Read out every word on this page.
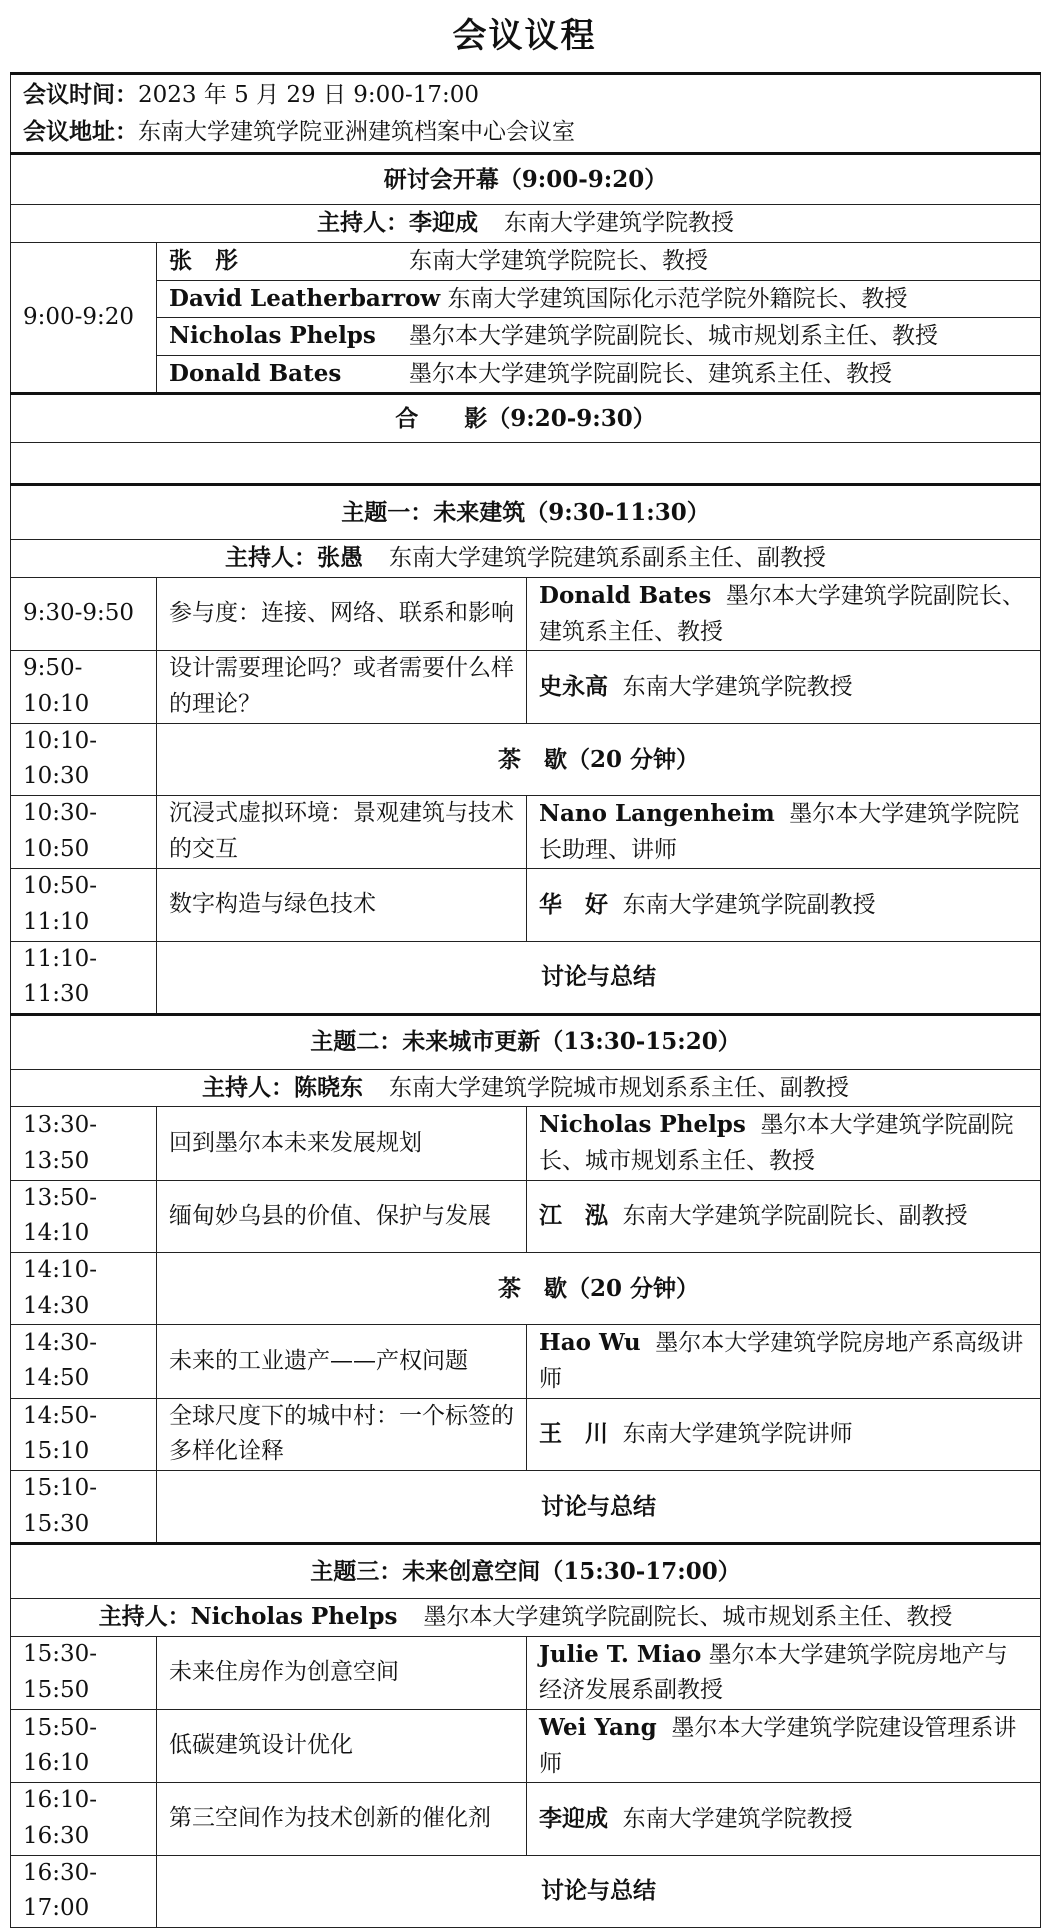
会议议程
会议时间：2023 年 5 月 29 日 9:00-17:00
会议地址：东南大学建筑学院亚洲建筑档案中心会议室		

研讨会开幕（9:00-9:20）		
主持人：李迎成 东南大学建筑学院教授		
9:00-9:20	张　彤 东南大学建筑学院院长、教授	
	David Leatherbarrow 东南大学建筑国际化示范学院外籍院长、教授	
	Nicholas Phelps 墨尔本大学建筑学院副院长、城市规划系主任、教授	
	Donald Bates 墨尔本大学建筑学院副院长、建筑系主任、教授	
合　　影（9:20-9:30）		

主题一：未来建筑（9:30-11:30）		
主持人：张愚 东南大学建筑学院建筑系副系主任、副教授		
9:30-9:50	参与度：连接、网络、联系和影响	Donald Bates 墨尔本大学建筑学院副院长、建筑系主任、教授
9:50-10:10	设计需要理论吗？或者需要什么样的理论？	史永高 东南大学建筑学院教授
10:10-10:30	茶　歇（20 分钟）	
10:30-10:50	沉浸式虚拟环境：景观建筑与技术的交互	Nano Langenheim 墨尔本大学建筑学院院长助理、讲师
10:50-11:10	数字构造与绿色技术	华　好 东南大学建筑学院副教授
11:10-11:30	讨论与总结	
主题二：未来城市更新（13:30-15:20）		
主持人：陈晓东 东南大学建筑学院城市规划系系主任、副教授		
13:30-13:50	回到墨尔本未来发展规划	Nicholas Phelps 墨尔本大学建筑学院副院长、城市规划系主任、教授
13:50-14:10	缅甸妙乌县的价值、保护与发展	江　泓 东南大学建筑学院副院长、副教授
14:10-14:30	茶　歇（20 分钟）	
14:30-14:50	未来的工业遗产——产权问题	Hao Wu 墨尔本大学建筑学院房地产系高级讲师
14:50-15:10	全球尺度下的城中村：一个标签的多样化诠释	王　川 东南大学建筑学院讲师
15:10-15:30	讨论与总结	
主题三：未来创意空间（15:30-17:00）		
主持人：Nicholas Phelps 墨尔本大学建筑学院副院长、城市规划系主任、教授		
15:30-15:50	未来住房作为创意空间	Julie T. Miao 墨尔本大学建筑学院房地产与经济发展系副教授
15:50-16:10	低碳建筑设计优化	Wei Yang 墨尔本大学建筑学院建设管理系讲师
16:10-16:30	第三空间作为技术创新的催化剂	李迎成 东南大学建筑学院教授
16:30-17:00	讨论与总结	
